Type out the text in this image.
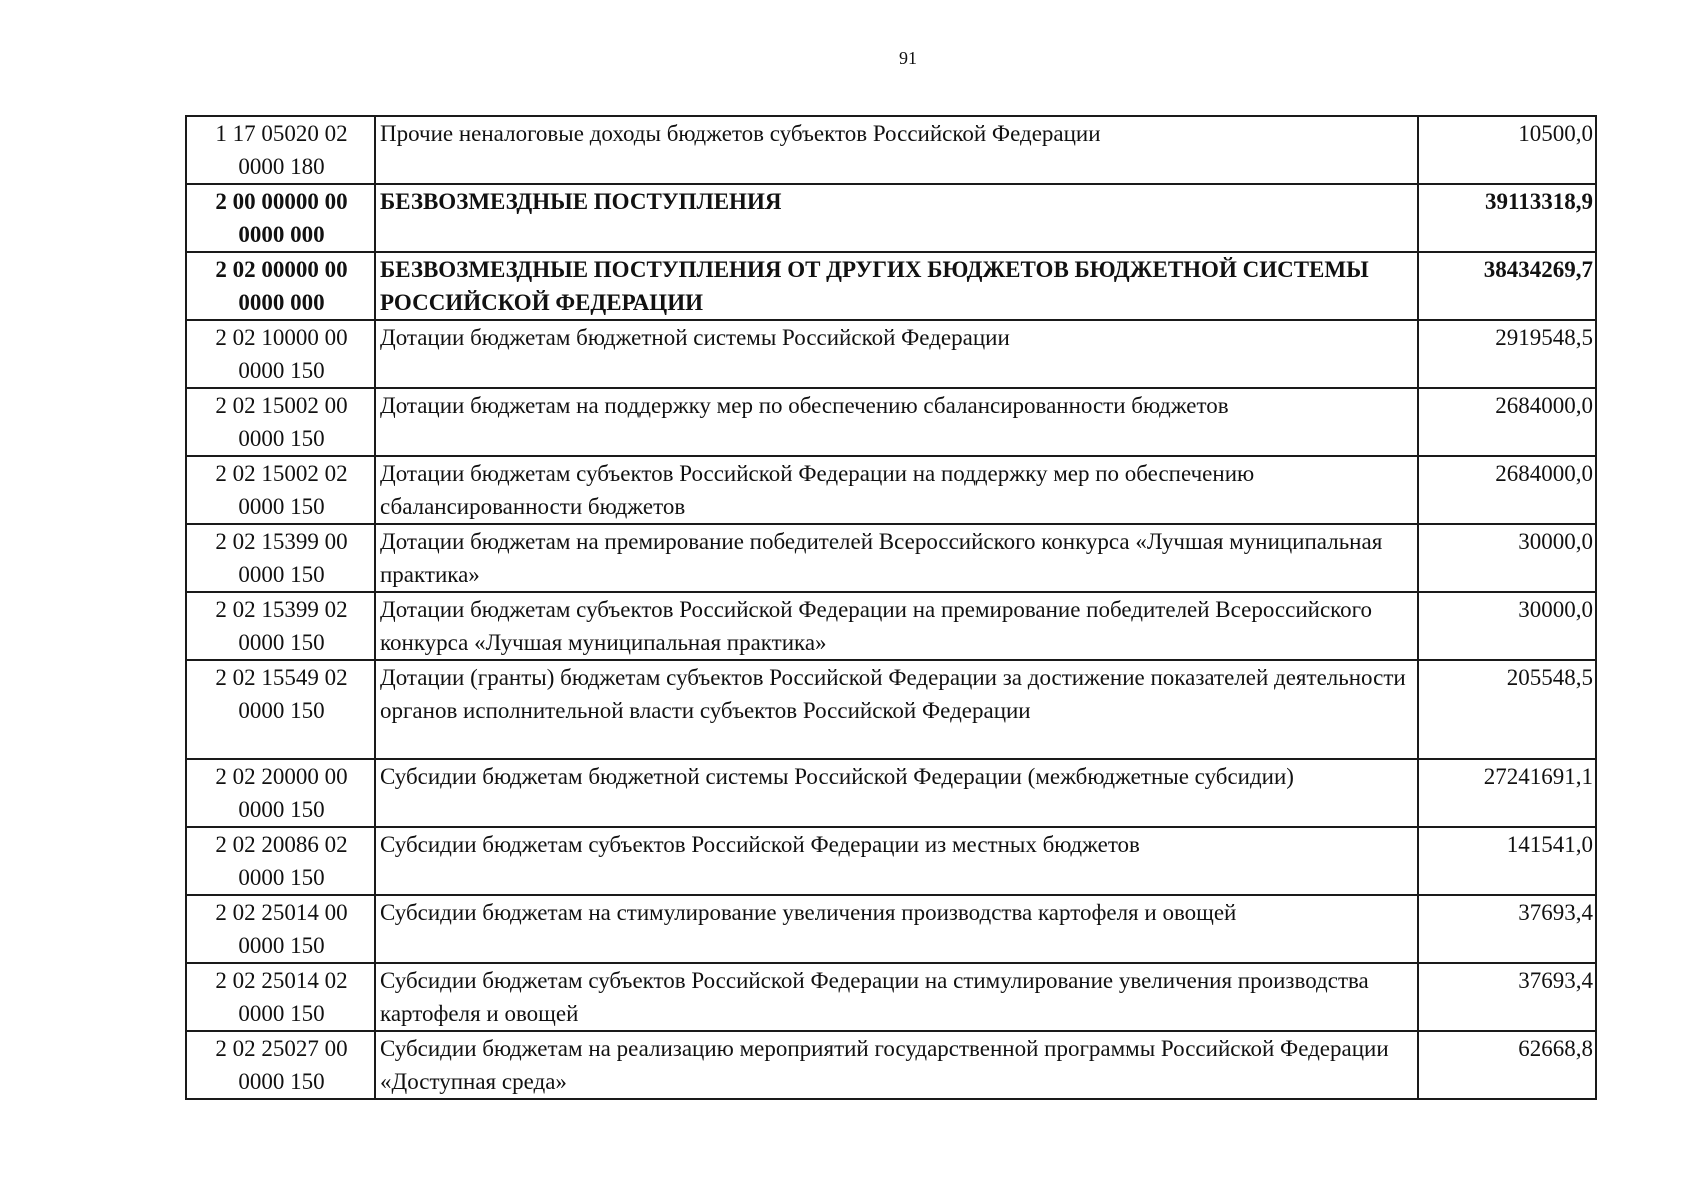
91
1 17 05020 02 0000 180	Прочие неналоговые доходы бюджетов субъектов Российской Федерации	10500,0
2 00 00000 00 0000 000	БЕЗВОЗМЕЗДНЫЕ ПОСТУПЛЕНИЯ	39113318,9
2 02 00000 00 0000 000	БЕЗВОЗМЕЗДНЫЕ ПОСТУПЛЕНИЯ ОТ ДРУГИХ БЮДЖЕТОВ БЮДЖЕТНОЙ СИСТЕМЫ РОССИЙСКОЙ ФЕДЕРАЦИИ	38434269,7
2 02 10000 00 0000 150	Дотации бюджетам бюджетной системы Российской Федерации	2919548,5
2 02 15002 00 0000 150	Дотации бюджетам на поддержку мер по обеспечению сбалансированности бюджетов	2684000,0
2 02 15002 02 0000 150	Дотации бюджетам субъектов Российской Федерации на поддержку мер по обеспечению сбалансированности бюджетов	2684000,0
2 02 15399 00 0000 150	Дотации бюджетам на премирование победителей Всероссийского конкурса «Лучшая муниципальная практика»	30000,0
2 02 15399 02 0000 150	Дотации бюджетам субъектов Российской Федерации на премирование победителей Всероссийского конкурса «Лучшая муниципальная практика»	30000,0
2 02 15549 02 0000 150	Дотации (гранты) бюджетам субъектов Российской Федерации за достижение показателей деятельности органов исполнительной власти субъектов Российской Федерации	205548,5
2 02 20000 00 0000 150	Субсидии бюджетам бюджетной системы Российской Федерации (межбюджетные субсидии)	27241691,1
2 02 20086 02 0000 150	Субсидии бюджетам субъектов Российской Федерации из местных бюджетов	141541,0
2 02 25014 00 0000 150	Субсидии бюджетам на стимулирование увеличения производства картофеля и овощей	37693,4
2 02 25014 02 0000 150	Субсидии бюджетам субъектов Российской Федерации на стимулирование увеличения производства картофеля и овощей	37693,4
2 02 25027 00 0000 150	Субсидии бюджетам на реализацию мероприятий государственной программы Российской Федерации «Доступная среда»	62668,8
